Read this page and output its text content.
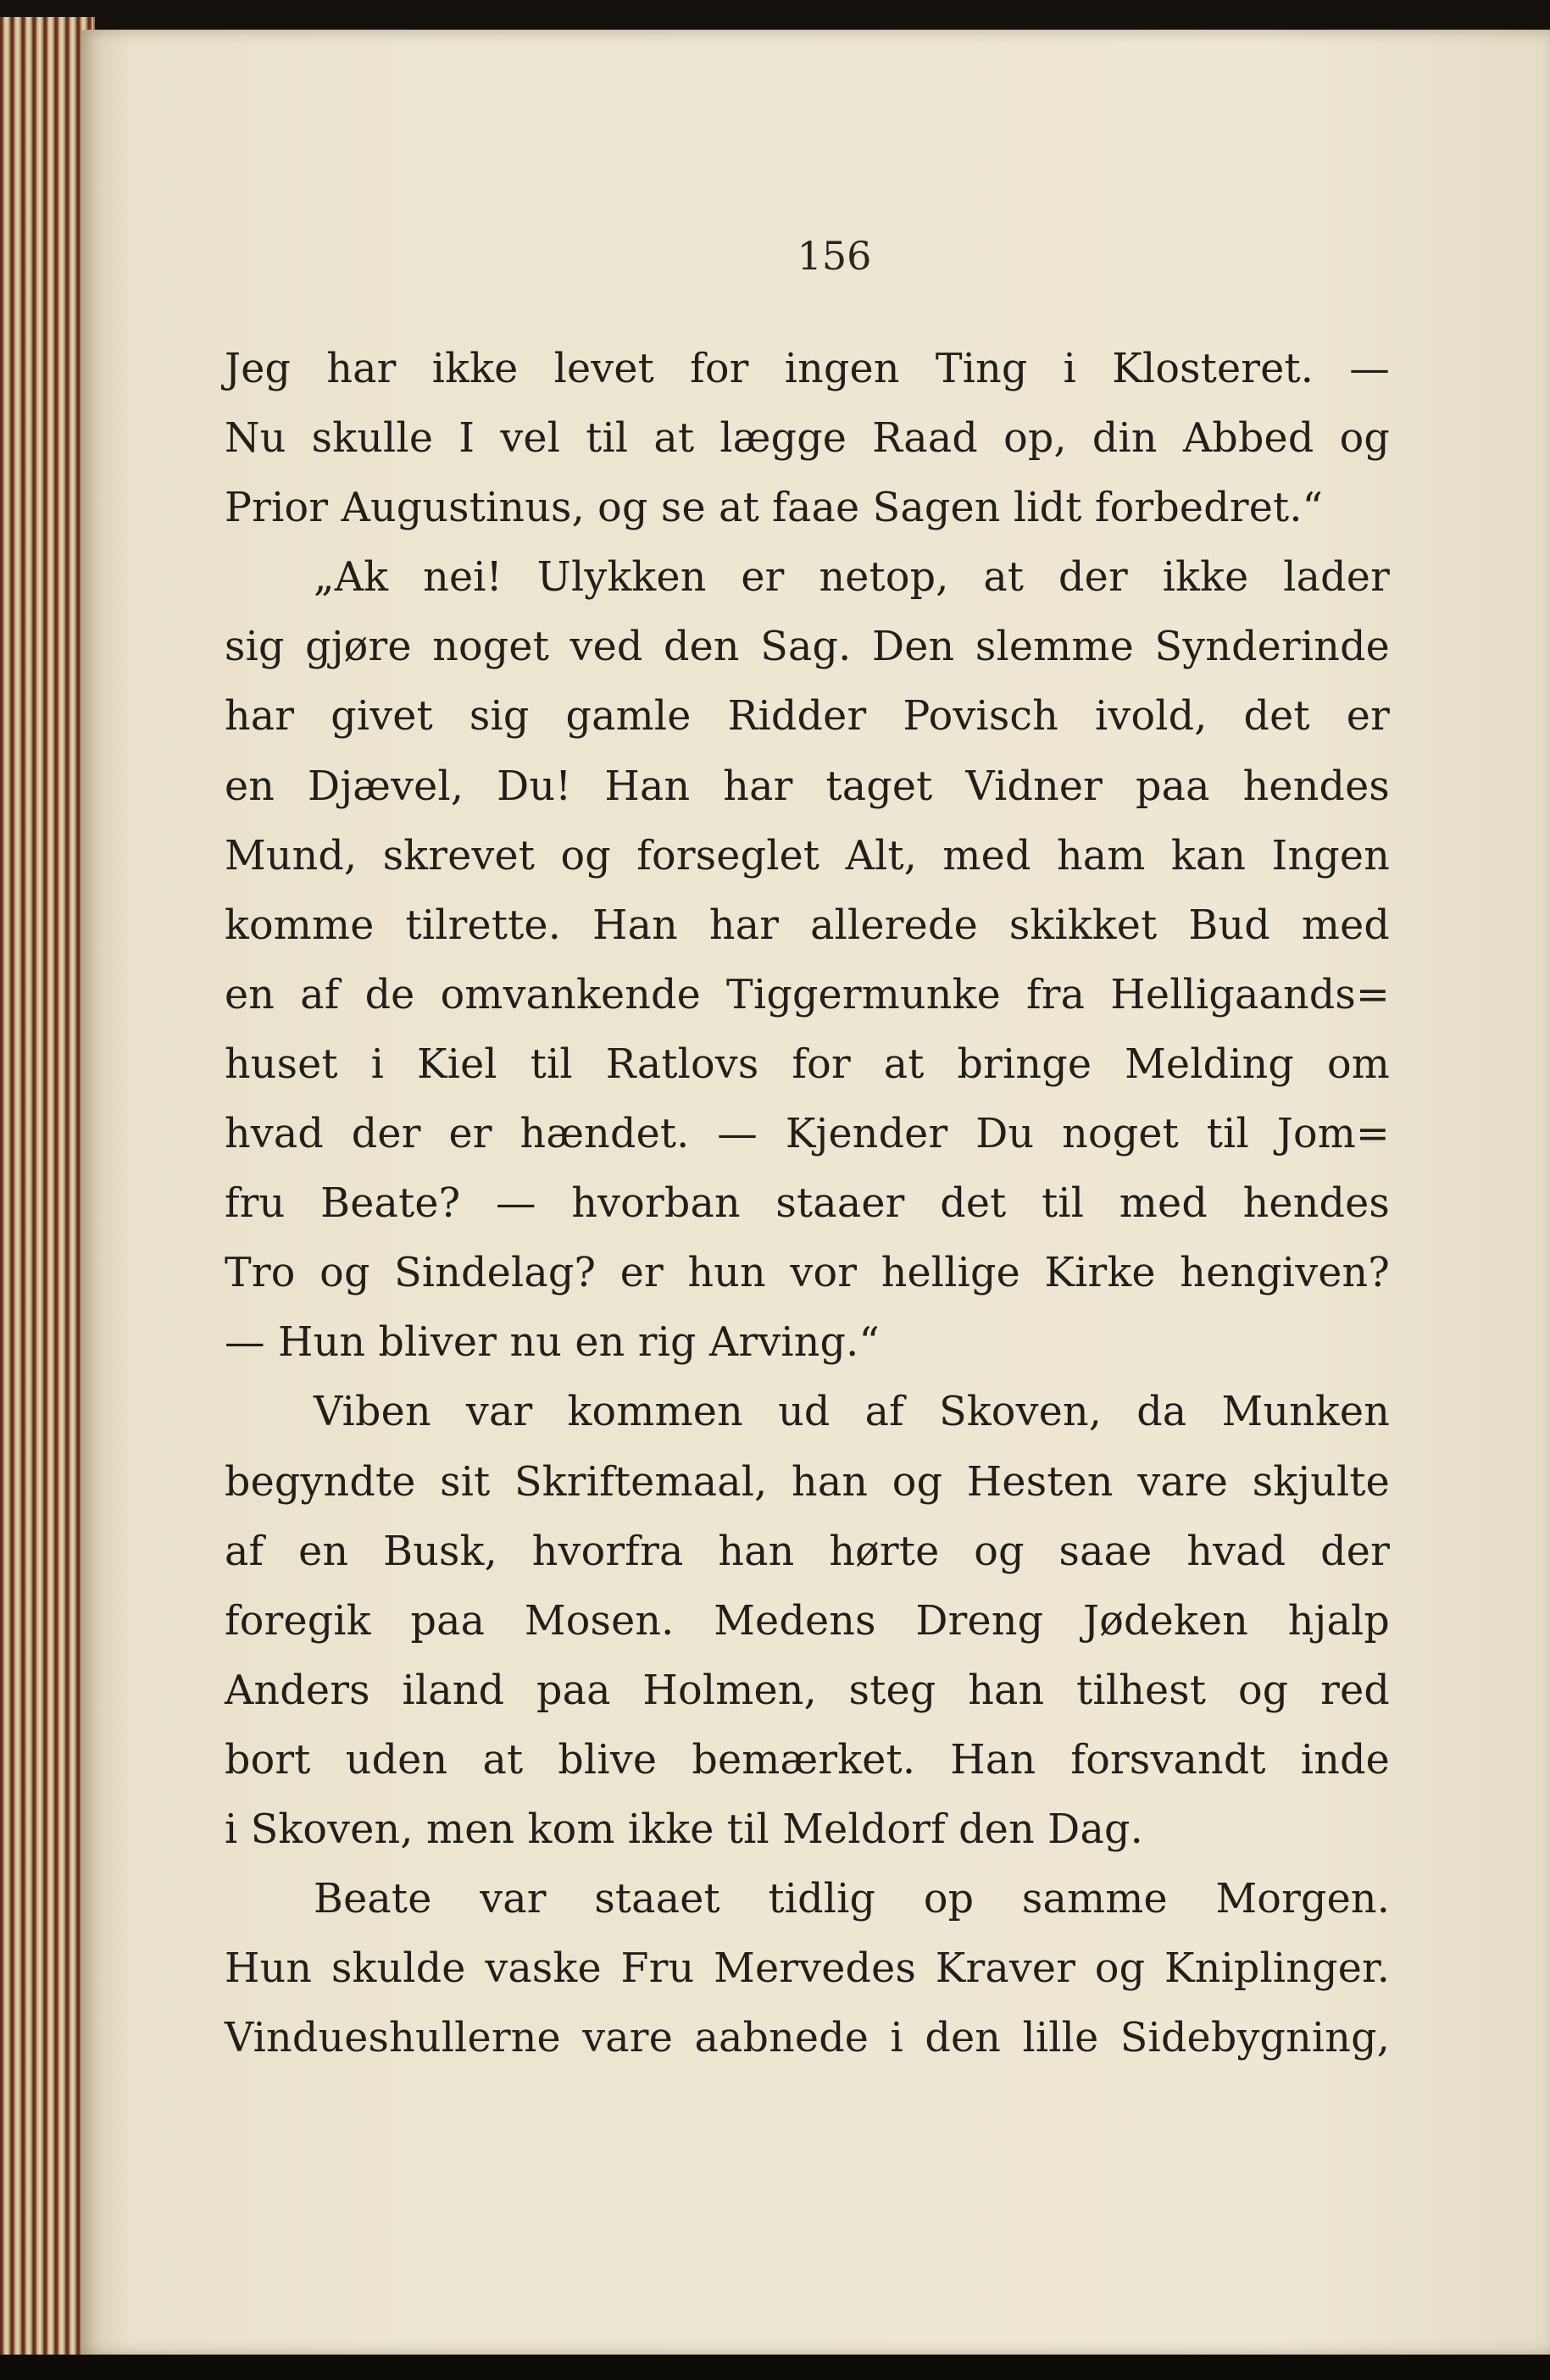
156
Jeg har ikke levet for ingen Ting i Klosteret. —
Nu skulle I vel til at lægge Raad op, din Abbed og
Prior Augustinus, og se at faae Sagen lidt forbedret.“
„Ak nei! Ulykken er netop, at der ikke lader
sig gjøre noget ved den Sag. Den slemme Synderinde
har givet sig gamle Ridder Povisch ivold, det er
en Djævel, Du! Han har taget Vidner paa hendes
Mund, skrevet og forseglet Alt, med ham kan Ingen
komme tilrette. Han har allerede skikket Bud med
en af de omvankende Tiggermunke fra Helligaands=
huset i Kiel til Ratlovs for at bringe Melding om
hvad der er hændet. — Kjender Du noget til Jom=
fru Beate? — hvorban staaer det til med hendes
Tro og Sindelag? er hun vor hellige Kirke hengiven?
— Hun bliver nu en rig Arving.“
Viben var kommen ud af Skoven, da Munken
begyndte sit Skriftemaal, han og Hesten vare skjulte
af en Busk, hvorfra han hørte og saae hvad der
foregik paa Mosen. Medens Dreng Jødeken hjalp
Anders iland paa Holmen, steg han tilhest og red
bort uden at blive bemærket. Han forsvandt inde
i Skoven, men kom ikke til Meldorf den Dag.
Beate var staaet tidlig op samme Morgen.
Hun skulde vaske Fru Mervedes Kraver og Kniplinger.
Vindueshullerne vare aabnede i den lille Sidebygning,
